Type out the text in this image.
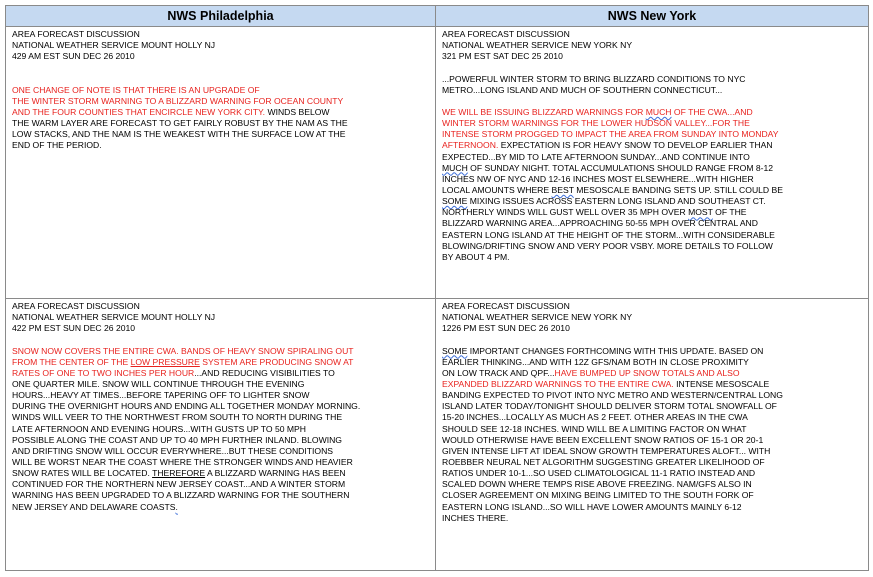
NWS Philadelphia	NWS New York
AREA FORECAST DISCUSSION
NATIONAL WEATHER SERVICE MOUNT HOLLY NJ
429 AM EST SUN DEC 26 2010
ONE CHANGE OF NOTE IS THAT THERE IS AN UPGRADE OF
THE WINTER STORM WARNING TO A BLIZZARD WARNING FOR OCEAN COUNTY
AND THE FOUR COUNTIES THAT ENCIRCLE NEW YORK CITY. WINDS BELOW
THE WARM LAYER ARE FORECAST TO GET FAIRLY ROBUST BY THE NAM AS THE
LOW STACKS, AND THE NAM IS THE WEAKEST WITH THE SURFACE LOW AT THE
END OF THE PERIOD.
AREA FORECAST DISCUSSION
NATIONAL WEATHER SERVICE NEW YORK NY
321 PM EST SAT DEC 25 2010
...POWERFUL WINTER STORM TO BRING BLIZZARD CONDITIONS TO NYC
METRO...LONG ISLAND AND MUCH OF SOUTHERN CONNECTICUT...
WE WILL BE ISSUING BLIZZARD WARNINGS FOR MUCH OF THE CWA...AND
WINTER STORM WARNINGS FOR THE LOWER HUDSON VALLEY...FOR THE
INTENSE STORM PROGGED TO IMPACT THE AREA FROM SUNDAY INTO MONDAY
AFTERNOON. EXPECTATION IS FOR HEAVY SNOW TO DEVELOP EARLIER THAN
EXPECTED...BY MID TO LATE AFTERNOON SUNDAY...AND CONTINUE INTO
MUCH OF SUNDAY NIGHT. TOTAL ACCUMULATIONS SHOULD RANGE FROM 8-12
INCHES NW OF NYC AND 12-16 INCHES MOST ELSEWHERE...WITH HIGHER
LOCAL AMOUNTS WHERE BEST MESOSCALE BANDING SETS UP. STILL COULD BE
SOME MIXING ISSUES ACROSS EASTERN LONG ISLAND AND SOUTHEAST CT.
NORTHERLY WINDS WILL GUST WELL OVER 35 MPH OVER MOST OF THE
BLIZZARD WARNING AREA...APPROACHING 50-55 MPH OVER CENTRAL AND
EASTERN LONG ISLAND AT THE HEIGHT OF THE STORM...WITH CONSIDERABLE
BLOWING/DRIFTING SNOW AND VERY POOR VSBY. MORE DETAILS TO FOLLOW
BY ABOUT 4 PM.
AREA FORECAST DISCUSSION
NATIONAL WEATHER SERVICE MOUNT HOLLY NJ
422 PM EST SUN DEC 26 2010
SNOW NOW COVERS THE ENTIRE CWA. BANDS OF HEAVY SNOW SPIRALING OUT
FROM THE CENTER OF THE LOW PRESSURE SYSTEM ARE PRODUCING SNOW AT
RATES OF ONE TO TWO INCHES PER HOUR...AND REDUCING VISIBILITIES TO
ONE QUARTER MILE. SNOW WILL CONTINUE THROUGH THE EVENING
HOURS...HEAVY AT TIMES...BEFORE TAPERING OFF TO LIGHTER SNOW
DURING THE OVERNIGHT HOURS AND ENDING ALL TOGETHER MONDAY MORNING.
WINDS WILL VEER TO THE NORTHWEST FROM SOUTH TO NORTH DURING THE
LATE AFTERNOON AND EVENING HOURS...WITH GUSTS UP TO 50 MPH
POSSIBLE ALONG THE COAST AND UP TO 40 MPH FURTHER INLAND. BLOWING
AND DRIFTING SNOW WILL OCCUR EVERYWHERE...BUT THESE CONDITIONS
WILL BE WORST NEAR THE COAST WHERE THE STRONGER WINDS AND HEAVIER
SNOW RATES WILL BE LOCATED. THEREFORE A BLIZZARD WARNING HAS BEEN
CONTINUED FOR THE NORTHERN NEW JERSEY COAST...AND A WINTER STORM
WARNING HAS BEEN UPGRADED TO A BLIZZARD WARNING FOR THE SOUTHERN
NEW JERSEY AND DELAWARE COASTS.
AREA FORECAST DISCUSSION
NATIONAL WEATHER SERVICE NEW YORK NY
1226 PM EST SUN DEC 26 2010
SOME IMPORTANT CHANGES FORTHCOMING WITH THIS UPDATE. BASED ON
EARLIER THINKING...AND WITH 12Z GFS/NAM BOTH IN CLOSE PROXIMITY
ON LOW TRACK AND QPF...HAVE BUMPED UP SNOW TOTALS AND ALSO
EXPANDED BLIZZARD WARNINGS TO THE ENTIRE CWA. INTENSE MESOSCALE
BANDING EXPECTED TO PIVOT INTO NYC METRO AND WESTERN/CENTRAL LONG
ISLAND LATER TODAY/TONIGHT SHOULD DELIVER STORM TOTAL SNOWFALL OF
15-20 INCHES...LOCALLY AS MUCH AS 2 FEET. OTHER AREAS IN THE CWA
SHOULD SEE 12-18 INCHES. WIND WILL BE A LIMITING FACTOR ON WHAT
WOULD OTHERWISE HAVE BEEN EXCELLENT SNOW RATIOS OF 15-1 OR 20-1
GIVEN INTENSE LIFT AT IDEAL SNOW GROWTH TEMPERATURES ALOFT... WITH
ROEBBER NEURAL NET ALGORITHM SUGGESTING GREATER LIKELIHOOD OF
RATIOS UNDER 10-1...SO USED CLIMATOLOGICAL 11-1 RATIO INSTEAD AND
SCALED DOWN WHERE TEMPS RISE ABOVE FREEZING. NAM/GFS ALSO IN
CLOSER AGREEMENT ON MIXING BEING LIMITED TO THE SOUTH FORK OF
EASTERN LONG ISLAND...SO WILL HAVE LOWER AMOUNTS MAINLY 6-12
INCHES THERE.
